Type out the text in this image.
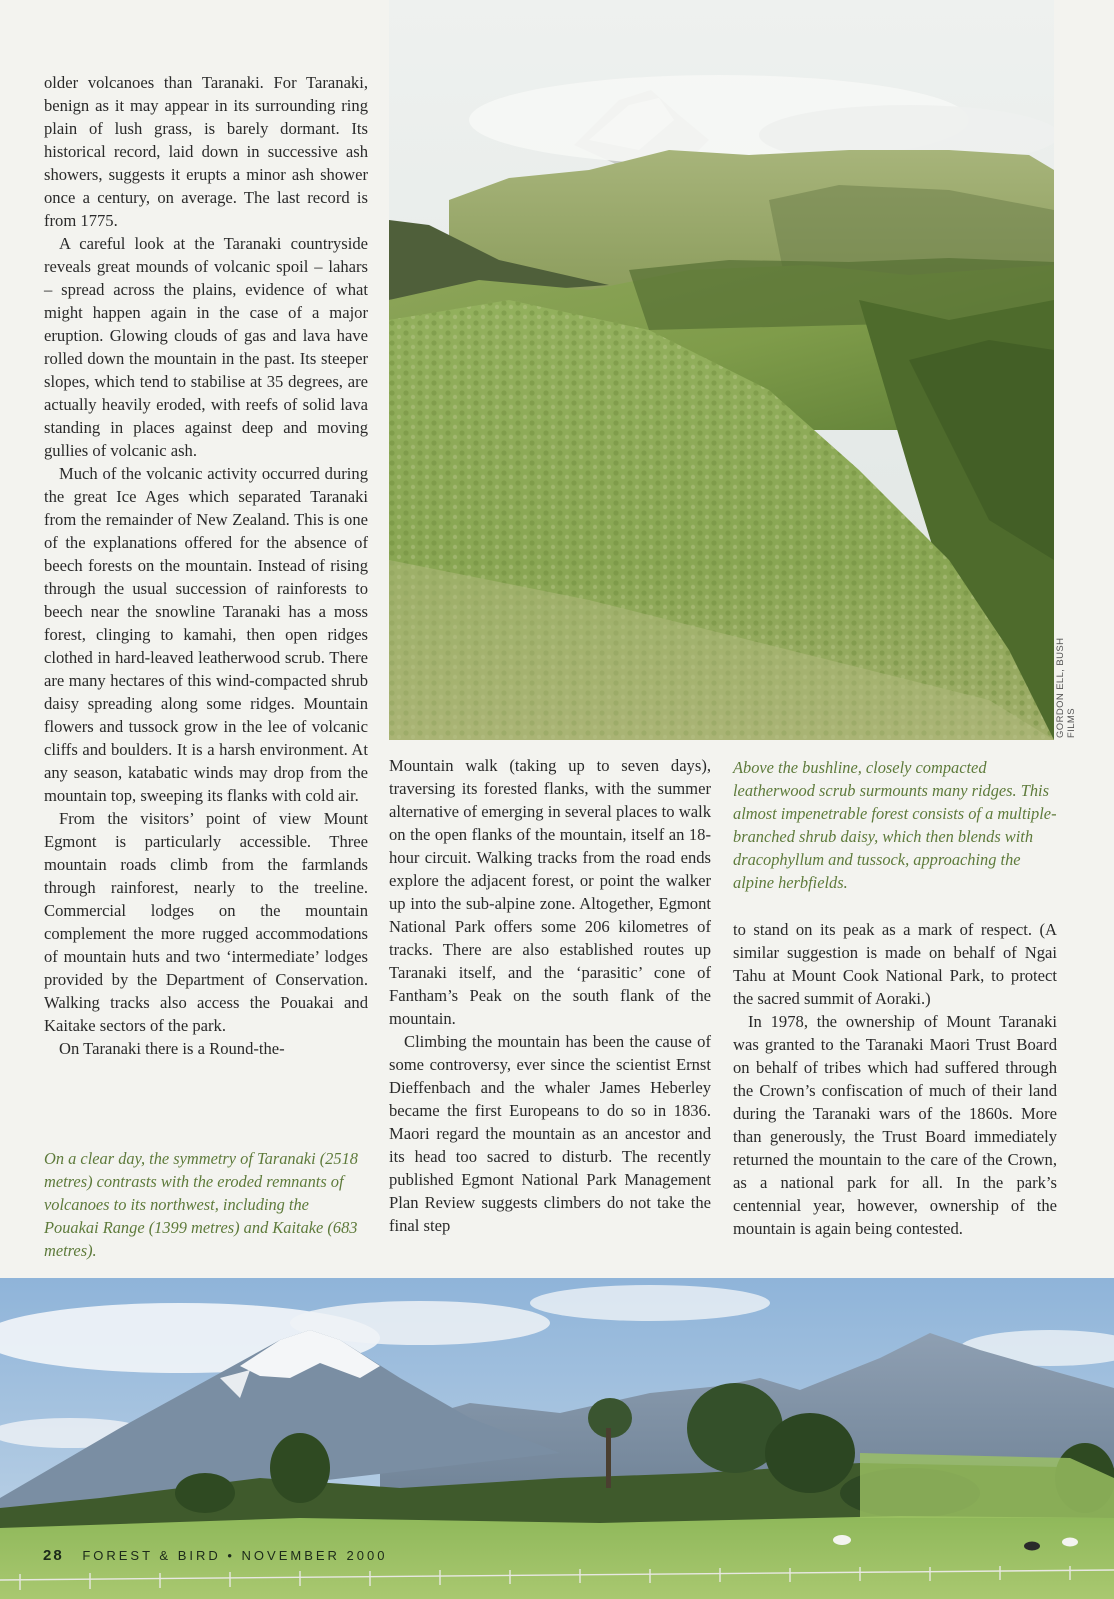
older volcanoes than Taranaki. For Taranaki, benign as it may appear in its surrounding ring plain of lush grass, is barely dormant. Its historical record, laid down in successive ash showers, suggests it erupts a minor ash shower once a century, on average. The last record is from 1775.

A careful look at the Taranaki countryside reveals great mounds of volcanic spoil – lahars – spread across the plains, evidence of what might happen again in the case of a major eruption. Glowing clouds of gas and lava have rolled down the mountain in the past. Its steeper slopes, which tend to stabilise at 35 degrees, are actually heavily eroded, with reefs of solid lava standing in places against deep and moving gullies of volcanic ash.

Much of the volcanic activity occurred during the great Ice Ages which separated Taranaki from the remainder of New Zealand. This is one of the explanations offered for the absence of beech forests on the mountain. Instead of rising through the usual succession of rainforests to beech near the snowline Taranaki has a moss forest, clinging to kamahi, then open ridges clothed in hard-leaved leatherwood scrub. There are many hectares of this wind-compacted shrub daisy spreading along some ridges. Mountain flowers and tussock grow in the lee of volcanic cliffs and boulders. It is a harsh environment. At any season, katabatic winds may drop from the mountain top, sweeping its flanks with cold air.

From the visitors’ point of view Mount Egmont is particularly accessible. Three mountain roads climb from the farmlands through rainforest, nearly to the treeline. Commercial lodges on the mountain complement the more rugged accommodations of mountain huts and two ‘intermediate’ lodges provided by the Department of Conservation. Walking tracks also access the Pouakai and Kaitake sectors of the park.

On Taranaki there is a Round-the-

On a clear day, the symmetry of Taranaki (2518 metres) contrasts with the eroded remnants of volcanoes to its northwest, including the Pouakai Range (1399 metres) and Kaitake (683 metres).
GORDON ELL, BUSH FILMS
Above the bushline, closely compacted leatherwood scrub surmounts many ridges. This almost impenetrable forest consists of a multiple-branched shrub daisy, which then blends with dracophyllum and tussock, approaching the alpine herbfields.

Mountain walk (taking up to seven days), traversing its forested flanks, with the summer alternative of emerging in several places to walk on the open flanks of the mountain, itself an 18-hour circuit. Walking tracks from the road ends explore the adjacent forest, or point the walker up into the sub-alpine zone. Altogether, Egmont National Park offers some 206 kilometres of tracks. There are also established routes up Taranaki itself, and the ‘parasitic’ cone of Fantham’s Peak on the south flank of the mountain.

Climbing the mountain has been the cause of some controversy, ever since the scientist Ernst Dieffenbach and the whaler James Heberley became the first Europeans to do so in 1836. Maori regard the mountain as an ancestor and its head too sacred to disturb. The recently published Egmont National Park Management Plan Review suggests climbers do not take the final step

to stand on its peak as a mark of respect. (A similar suggestion is made on behalf of Ngai Tahu at Mount Cook National Park, to protect the sacred summit of Aoraki.)

In 1978, the ownership of Mount Taranaki was granted to the Taranaki Maori Trust Board on behalf of tribes which had suffered through the Crown’s confiscation of much of their land during the Taranaki wars of the 1860s. More than generously, the Trust Board immediately returned the mountain to the care of the Crown, as a national park for all. In the park’s centennial year, however, ownership of the mountain is again being contested.

28 FOREST & BIRD • NOVEMBER 2000
